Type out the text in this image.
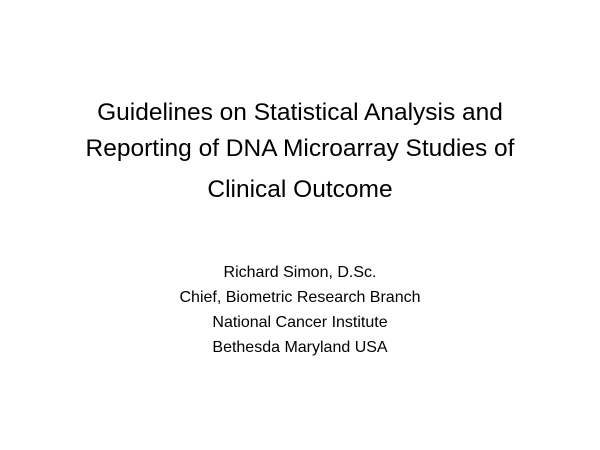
Guidelines on Statistical Analysis and
Reporting of DNA Microarray Studies of
Clinical Outcome
Richard Simon, D.Sc.
Chief, Biometric Research Branch
National Cancer Institute
Bethesda Maryland USA
